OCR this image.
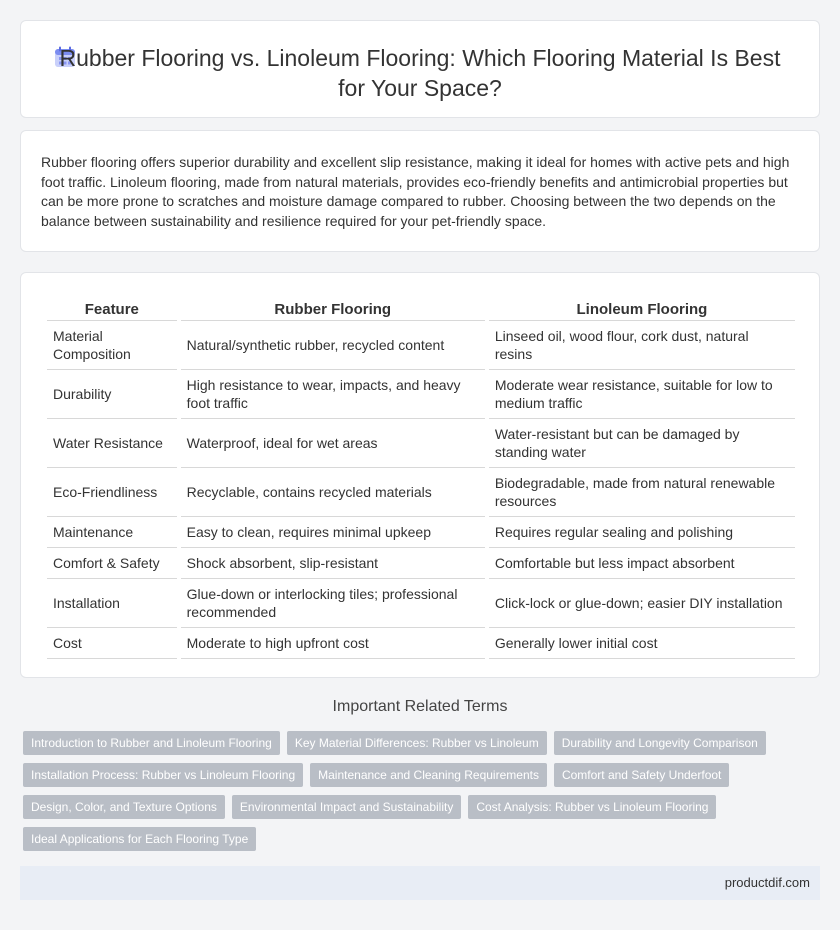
Rubber Flooring vs. Linoleum Flooring: Which Flooring Material Is Best for Your Space?

Rubber flooring offers superior durability and excellent slip resistance, making it ideal for homes with active pets and high foot traffic. Linoleum flooring, made from natural materials, provides eco-friendly benefits and antimicrobial properties but can be more prone to scratches and moisture damage compared to rubber. Choosing between the two depends on the balance between sustainability and resilience required for your pet-friendly space.

Feature	Rubber Flooring	Linoleum Flooring
Material Composition	Natural/synthetic rubber, recycled content	Linseed oil, wood flour, cork dust, natural resins
Durability	High resistance to wear, impacts, and heavy foot traffic	Moderate wear resistance, suitable for low to medium traffic
Water Resistance	Waterproof, ideal for wet areas	Water-resistant but can be damaged by standing water
Eco-Friendliness	Recyclable, contains recycled materials	Biodegradable, made from natural renewable resources
Maintenance	Easy to clean, requires minimal upkeep	Requires regular sealing and polishing
Comfort & Safety	Shock absorbent, slip-resistant	Comfortable but less impact absorbent
Installation	Glue-down or interlocking tiles; professional recommended	Click-lock or glue-down; easier DIY installation
Cost	Moderate to high upfront cost	Generally lower initial cost
Important Related Terms
Introduction to Rubber and Linoleum Flooring	Key Material Differences: Rubber vs Linoleum	Durability and Longevity Comparison
Installation Process: Rubber vs Linoleum Flooring	Maintenance and Cleaning Requirements	Comfort and Safety Underfoot
Design, Color, and Texture Options	Environmental Impact and Sustainability	Cost Analysis: Rubber vs Linoleum Flooring
Ideal Applications for Each Flooring Type
productdif.com
